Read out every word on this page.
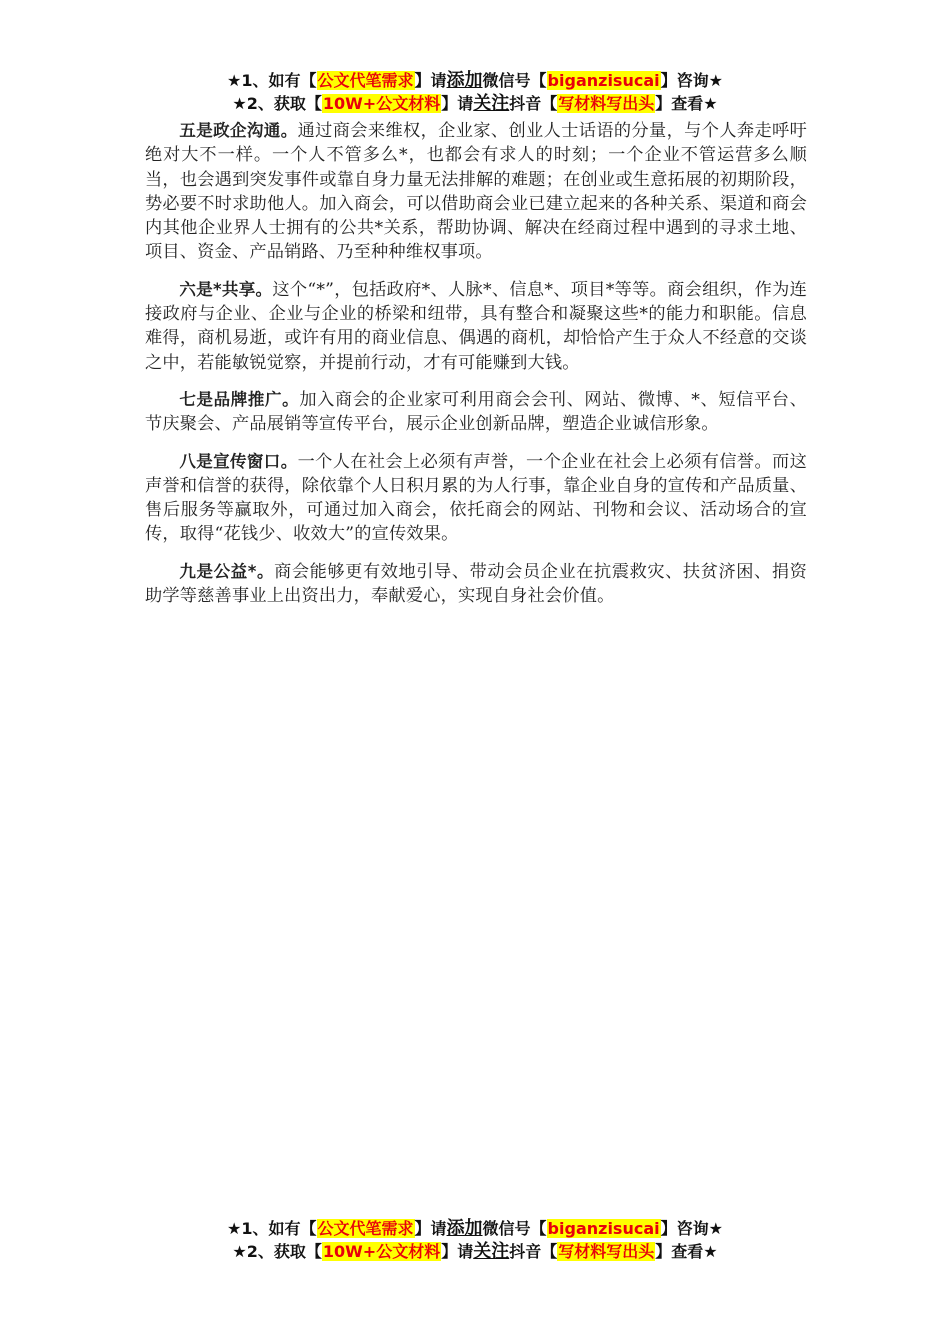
★1、如有【公文代笔需求】请添加微信号【biganzisucai】咨询★
★2、获取【10W+公文材料】请关注抖音【写材料写出头】查看★

五是政企沟通。通过商会来维权，企业家、创业人士话语的分量，与个人奔走呼吁绝对大不一样。一个人不管多么*，也都会有求人的时刻；一个企业不管运营多么顺当，也会遇到突发事件或靠自身力量无法排解的难题；在创业或生意拓展的初期阶段，势必要不时求助他人。加入商会，可以借助商会业已建立起来的各种关系、渠道和商会内其他企业界人士拥有的公共*关系，帮助协调、解决在经商过程中遇到的寻求土地、项目、资金、产品销路、乃至种种维权事项。

六是*共享。这个“*”，包括政府*、人脉*、信息*、项目*等等。商会组织，作为连接政府与企业、企业与企业的桥梁和纽带，具有整合和凝聚这些*的能力和职能。信息难得，商机易逝，或许有用的商业信息、偶遇的商机，却恰恰产生于众人不经意的交谈之中，若能敏锐觉察，并提前行动，才有可能赚到大钱。

七是品牌推广。加入商会的企业家可利用商会会刊、网站、微博、*、短信平台、节庆聚会、产品展销等宣传平台，展示企业创新品牌，塑造企业诚信形象。

八是宣传窗口。一个人在社会上必须有声誉，一个企业在社会上必须有信誉。而这声誉和信誉的获得，除依靠个人日积月累的为人行事，靠企业自身的宣传和产品质量、售后服务等赢取外，可通过加入商会，依托商会的网站、刊物和会议、活动场合的宣传，取得“花钱少、收效大”的宣传效果。

九是公益*。商会能够更有效地引导、带动会员企业在抗震救灾、扶贫济困、捐资助学等慈善事业上出资出力，奉献爱心，实现自身社会价值。

★1、如有【公文代笔需求】请添加微信号【biganzisucai】咨询★
★2、获取【10W+公文材料】请关注抖音【写材料写出头】查看★
